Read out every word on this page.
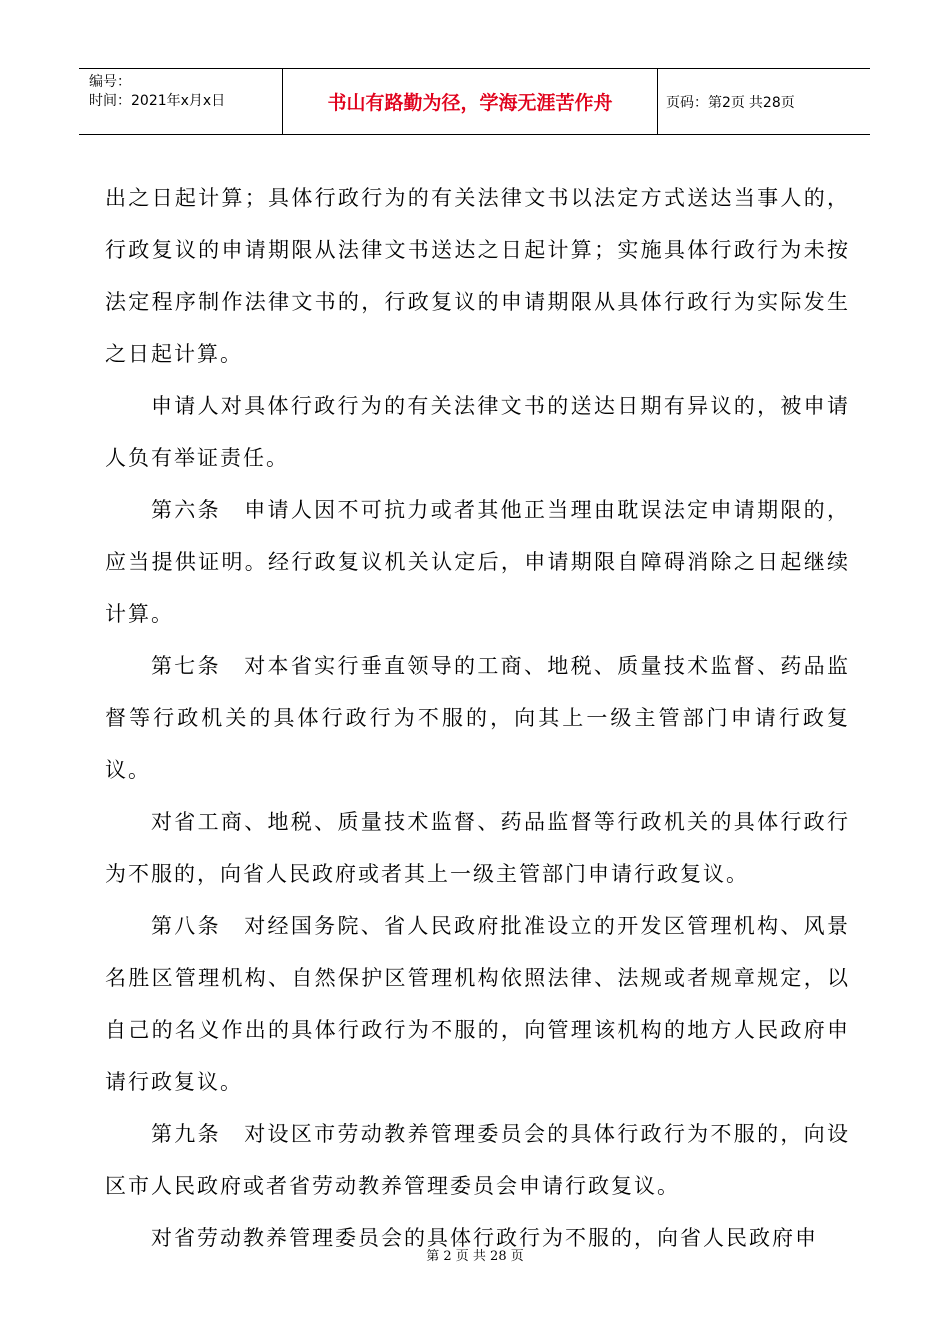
编号：
时间：2021年x月x日	书山有路勤为径，学海无涯苦作舟	页码：第2页 共28页

出之日起计算；具体行政行为的有关法律文书以法定方式送达当事人的，行政复议的申请期限从法律文书送达之日起计算；实施具体行政行为未按法定程序制作法律文书的，行政复议的申请期限从具体行政行为实际发生之日起计算。

申请人对具体行政行为的有关法律文书的送达日期有异议的，被申请人负有举证责任。

第六条　申请人因不可抗力或者其他正当理由耽误法定申请期限的，应当提供证明。经行政复议机关认定后，申请期限自障碍消除之日起继续计算。

第七条　对本省实行垂直领导的工商、地税、质量技术监督、药品监督等行政机关的具体行政行为不服的，向其上一级主管部门申请行政复议。

对省工商、地税、质量技术监督、药品监督等行政机关的具体行政行为不服的，向省人民政府或者其上一级主管部门申请行政复议。

第八条　对经国务院、省人民政府批准设立的开发区管理机构、风景名胜区管理机构、自然保护区管理机构依照法律、法规或者规章规定，以自己的名义作出的具体行政行为不服的，向管理该机构的地方人民政府申请行政复议。

第九条　对设区市劳动教养管理委员会的具体行政行为不服的，向设区市人民政府或者省劳动教养管理委员会申请行政复议。

对省劳动教养管理委员会的具体行政行为不服的，向省人民政府申

第 2 页 共 28 页
